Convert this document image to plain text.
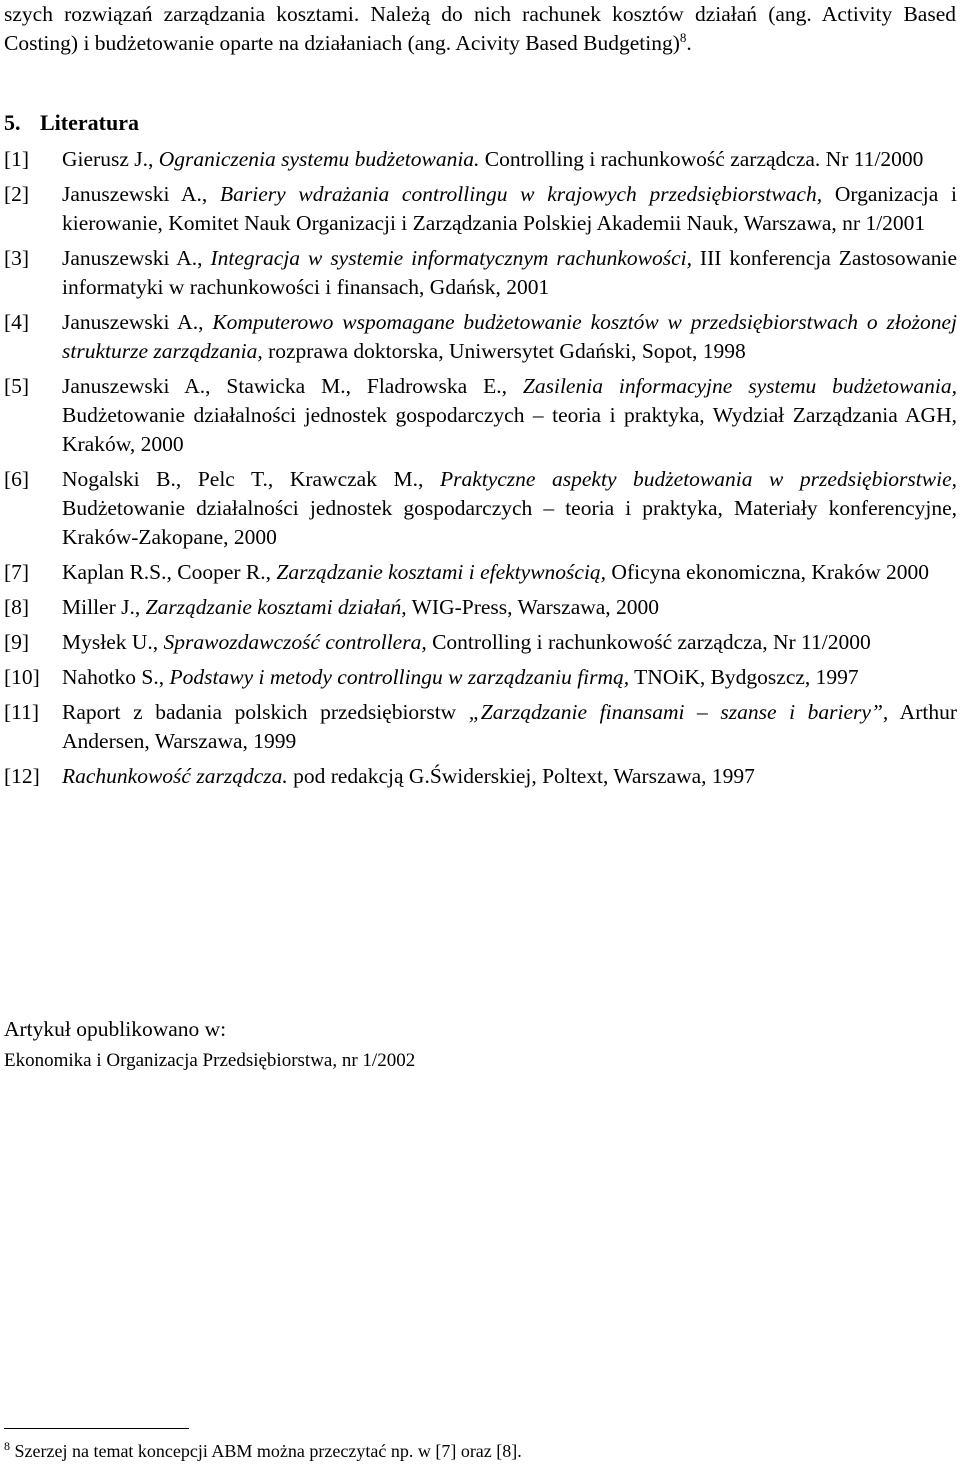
szych rozwiązań zarządzania kosztami. Należą do nich rachunek kosztów działań (ang. Activity Based Costing) i budżetowanie oparte na działaniach (ang. Acivity Based Budgeting)$^8$.

5. Literatura
[1] Gierusz J., Ograniczenia systemu budżetowania. Controlling i rachunkowość zarządcza. Nr 11/2000
[2] Januszewski A., Bariery wdrażania controllingu w krajowych przedsiębiorstwach, Organizacja i kierowanie, Komitet Nauk Organizacji i Zarządzania Polskiej Akademii Nauk, Warszawa, nr 1/2001
[3] Januszewski A., Integracja w systemie informatycznym rachunkowości, III konferencja Zastosowanie informatyki w rachunkowości i finansach, Gdańsk, 2001
[4] Januszewski A., Komputerowo wspomagane budżetowanie kosztów w przedsiębiorstwach o złożonej strukturze zarządzania, rozprawa doktorska, Uniwersytet Gdański, Sopot, 1998
[5] Januszewski A., Stawicka M., Fladrowska E., Zasilenia informacyjne systemu budżetowania, Budżetowanie działalności jednostek gospodarczych – teoria i praktyka, Wydział Zarządzania AGH, Kraków, 2000
[6] Nogalski B., Pelc T., Krawczak M., Praktyczne aspekty budżetowania w przedsiębiorstwie, Budżetowanie działalności jednostek gospodarczych – teoria i praktyka, Materiały konferencyjne, Kraków-Zakopane, 2000
[7] Kaplan R.S., Cooper R., Zarządzanie kosztami i efektywnością, Oficyna ekonomiczna, Kraków 2000
[8] Miller J., Zarządzanie kosztami działań, WIG-Press, Warszawa, 2000
[9] Mysłek U., Sprawozdawczość controllera, Controlling i rachunkowość zarządcza, Nr 11/2000
[10] Nahotko S., Podstawy i metody controllingu w zarządzaniu firmą, TNOiK, Bydgoszcz, 1997
[11] Raport z badania polskich przedsiębiorstw „Zarządzanie finansami – szanse i bariery”, Arthur Andersen, Warszawa, 1999
[12] Rachunkowość zarządcza. pod redakcją G.Świderskiej, Poltext, Warszawa, 1997
Artykuł opublikowano w:
Ekonomika i Organizacja Przedsiębiorstwa, nr 1/2002
$^8$ Szerzej na temat koncepcji ABM można przeczytać np. w [7] oraz [8].
